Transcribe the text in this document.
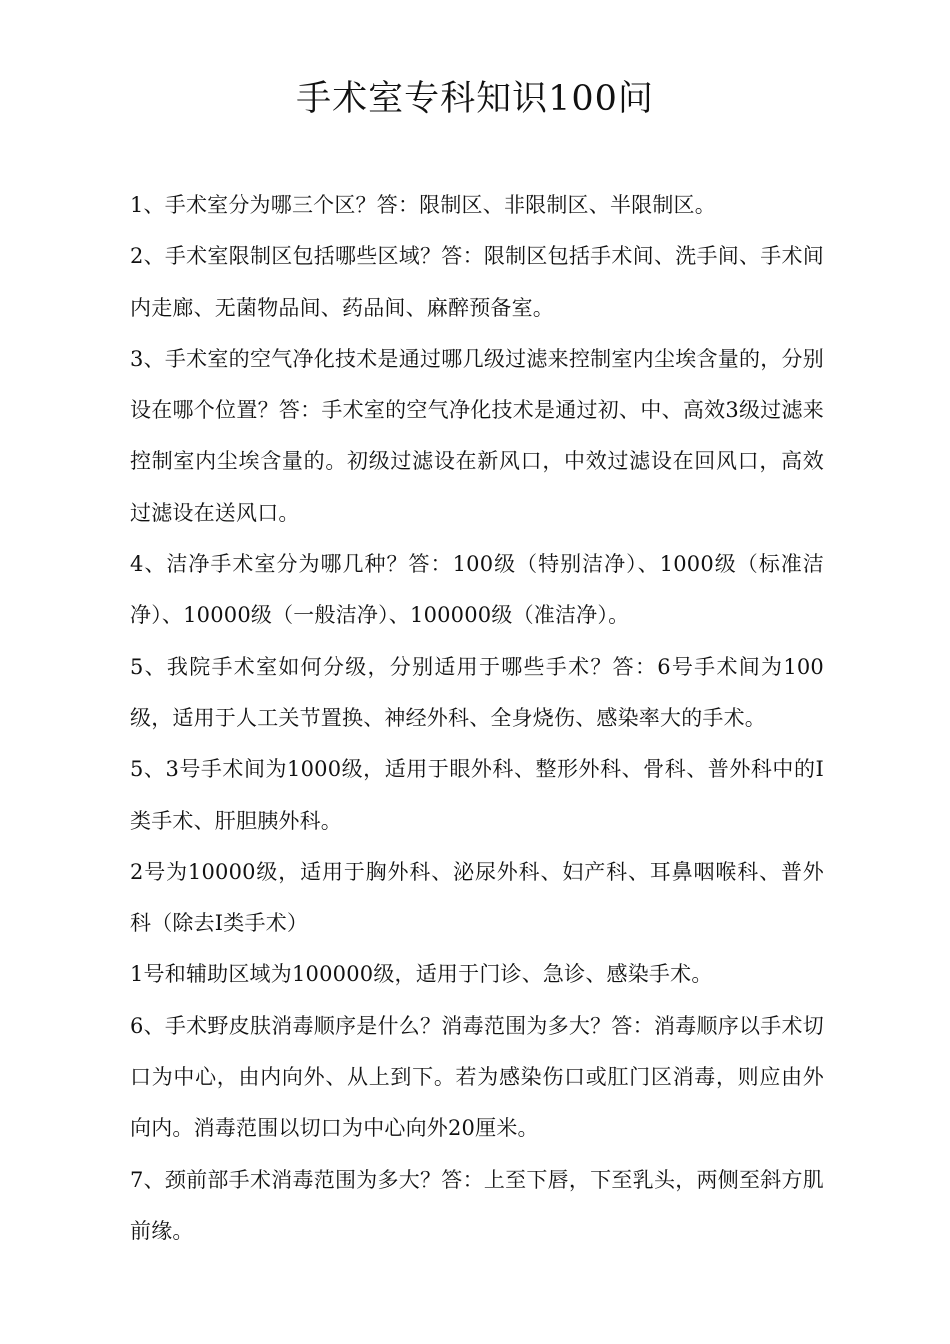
手术室专科知识100问

1、手术室分为哪三个区？答：限制区、非限制区、半限制区。

2、手术室限制区包括哪些区域？答：限制区包括手术间、洗手间、手术间内走廊、无菌物品间、药品间、麻醉预备室。

3、手术室的空气净化技术是通过哪几级过滤来控制室内尘埃含量的，分别设在哪个位置？答：手术室的空气净化技术是通过初、中、高效3级过滤来控制室内尘埃含量的。初级过滤设在新风口，中效过滤设在回风口，高效过滤设在送风口。

4、洁净手术室分为哪几种？答：100级（特别洁净）、1000级（标准洁净）、10000级（一般洁净）、100000级（准洁净）。

5、我院手术室如何分级，分别适用于哪些手术？答：6号手术间为100级，适用于人工关节置换、神经外科、全身烧伤、感染率大的手术。

5、3号手术间为1000级，适用于眼外科、整形外科、骨科、普外科中的Ⅰ类手术、肝胆胰外科。

2号为10000级，适用于胸外科、泌尿外科、妇产科、耳鼻咽喉科、普外科（除去Ⅰ类手术）

1号和辅助区域为100000级，适用于门诊、急诊、感染手术。

6、手术野皮肤消毒顺序是什么？消毒范围为多大？答：消毒顺序以手术切口为中心，由内向外、从上到下。若为感染伤口或肛门区消毒，则应由外向内。消毒范围以切口为中心向外20厘米。

7、颈前部手术消毒范围为多大？答：上至下唇，下至乳头，两侧至斜方肌前缘。
